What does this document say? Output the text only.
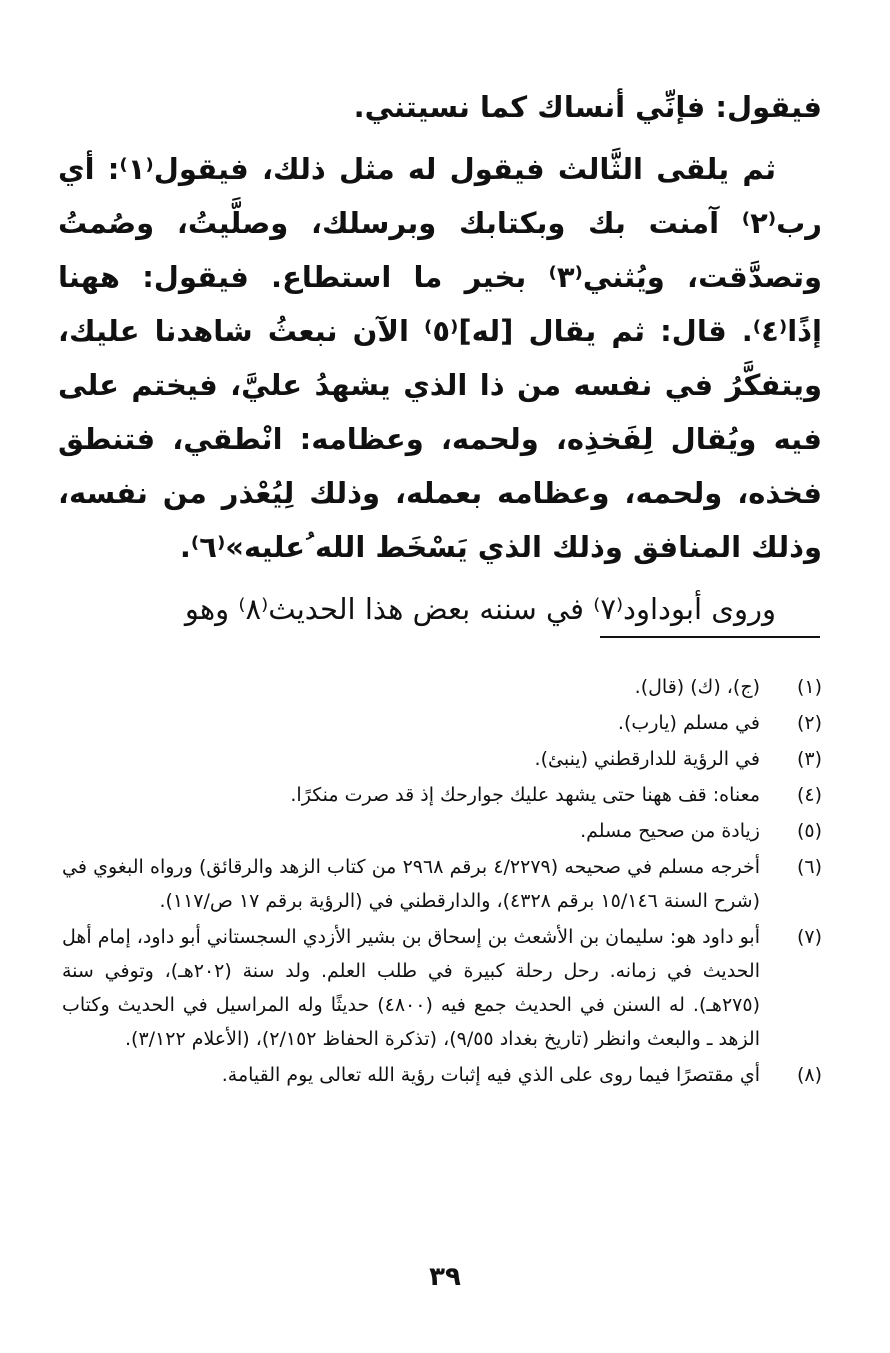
فيقول: فإنِّي أنساك كما نسيتني.

ثم يلقى الثَّالث فيقول له مثل ذلك، فيقول⁽١⁾: أي رب⁽٢⁾ آمنت بك وبكتابك وبرسلك، وصلَّيتُ، وصُمتُ وتصدَّقت، ويُثني⁽٣⁾ بخير ما استطاع. فيقول: ههنا إذًا⁽٤⁾. قال: ثم يقال [له]⁽٥⁾ الآن نبعثُ شاهدنا عليك، ويتفكَّرُ في نفسه من ذا الذي يشهدُ عليَّ، فيختم على فيه ويُقال لِفَخذِه، ولحمه، وعظامه: انْطقي، فتنطق فخذه، ولحمه، وعظامه بعمله، وذلك لِيُعْذر من نفسه، وذلك المنافق وذلك الذي يَسْخَط الله ُعليه»⁽٦⁾.

وروى أبوداود⁽٧⁾ في سننه بعض هذا الحديث⁽٨⁾ وهو

(١)
(ج)، (ك) (قال).
(٢)
في مسلم (يارب).
(٣)
في الرؤية للدارقطني (ينبئ).
(٤)
معناه: قف ههنا حتى يشهد عليك جوارحك إذ قد صرت منكرًا.
(٥)
زيادة من صحيح مسلم.
(٦)
أخرجه مسلم في صحيحه (٤/٢٢٧٩ برقم ٢٩٦٨ من كتاب الزهد والرقائق) ورواه البغوي في (شرح السنة ١٥/١٤٦ برقم ٤٣٢٨)، والدارقطني في (الرؤية برقم ١٧ ص/١١٧).
(٧)
أبو داود هو: سليمان بن الأشعث بن إسحاق بن بشير الأزدي السجستاني أبو داود، إمام أهل الحديث في زمانه. رحل رحلة كبيرة في طلب العلم. ولد سنة (٢٠٢هـ)، وتوفي سنة (٢٧٥هـ). له السنن في الحديث جمع فيه (٤٨٠٠) حديثًا وله المراسيل في الحديث وكتاب الزهد ـ والبعث وانظر (تاريخ بغداد ٩/٥٥)، (تذكرة الحفاظ ٢/١٥٢)، (الأعلام ٣/١٢٢).
(٨)
أي مقتصرًا فيما روى على الذي فيه إثبات رؤية الله تعالى يوم القيامة.
٣٩
